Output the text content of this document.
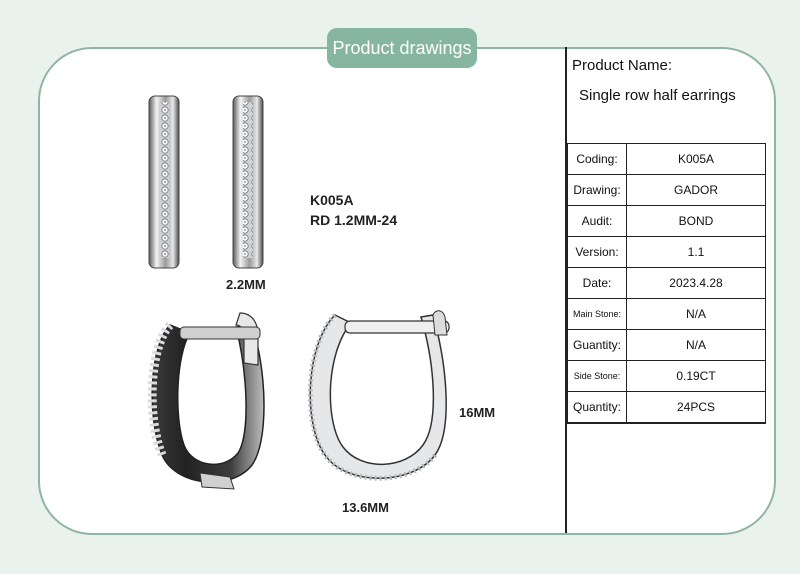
Product drawings
Product Name:
Single row half earrings
Coding:	K005A
Drawing:	GADOR
Audit:	BOND
Version:	1.1
Date:	2023.4.28
Main Stone:	N/A
Guantity:	N/A
Side Stone:	0.19CT
Quantity:	24PCS
K005A
RD 1.2MM-24
2.2MM
16MM
13.6MM
